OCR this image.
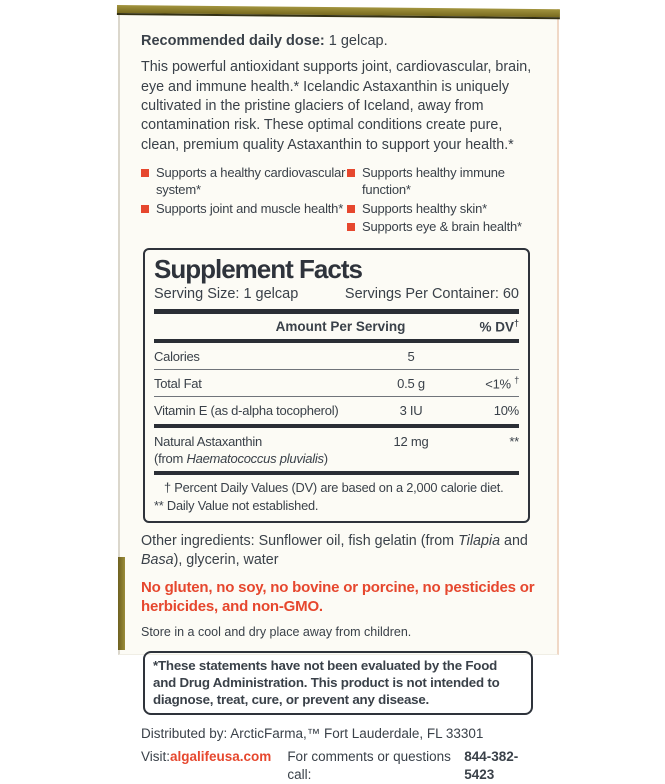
Recommended daily dose: 1 gelcap.

This powerful antioxidant supports joint, cardiovascular, brain, eye and immune health.* Icelandic Astaxanthin is uniquely cultivated in the pristine glaciers of Iceland, away from contamination risk. These optimal conditions create pure, clean, premium quality Astaxanthin to support your health.*

Supports a healthy cardiovascular system*
Supports joint and muscle health*
Supports healthy immune function*
Supports healthy skin*
Supports eye & brain health*
Supplement Facts
Serving Size: 1 gelcap	Servings Per Container: 60
Amount Per Serving	% DV†
Calories	5
Total Fat	0.5 g	<1% †
Vitamin E (as d-alpha tocopherol)	3 IU	10%
Natural Astaxanthin
(from Haematococcus pluvialis)
12 mg	**
† Percent Daily Values (DV) are based on a 2,000 calorie diet.
** Daily Value not established.

Other ingredients: Sunflower oil, fish gelatin (from Tilapia and Basa), glycerin, water

No gluten, no soy, no bovine or porcine, no pesticides or herbicides, and non-GMO.

Store in a cool and dry place away from children.

*These statements have not been evaluated by the Food and Drug Administration. This product is not intended to diagnose, treat, cure, or prevent any disease.

Distributed by: ArcticFarma,™ Fort Lauderdale, FL 33301

Visit: algalifeusa.com For comments or questions call:
844-382-5423
